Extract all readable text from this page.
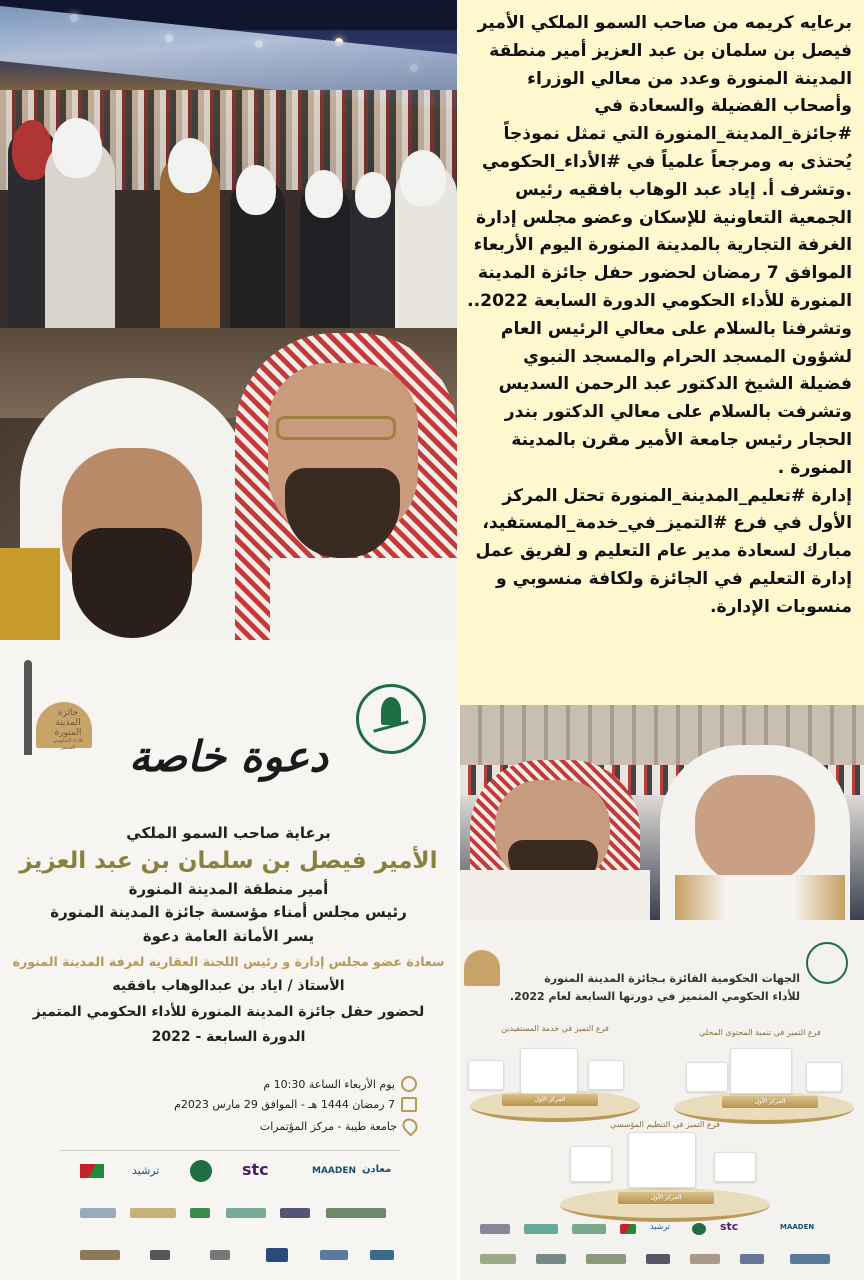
برعايه كريمه من صاحب السمو الملكي الأمير فيصل بن سلمان بن عبد العزيز أمير منطقة المدينة المنورة وعدد من معالي الوزراء وأصحاب الفضيلة والسعادة في #جائزة_المدينة_المنورة التي تمثل نموذجاً يُحتذى به ومرجعاً علمياً في #الأداء_الحكومي .وتشرف أ. إياد عبد الوهاب بافقيه رئيس الجمعية التعاونية للإسكان وعضو مجلس إدارة الغرفة التجارية بالمدينة المنورة اليوم الأربعاء الموافق 7 رمضان لحضور حفل جائزة المدينة المنورة للأداء الحكومي الدورة السابعة 2022..

وتشرفنا بالسلام على معالي الرئيس العام لشؤون المسجد الحرام والمسجد النبوي فضيلة الشيخ الدكتور عبد الرحمن السديس وتشرفت بالسلام على معالي الدكتور بندر الحجار رئيس جامعة الأمير مقرن بالمدينة المنورة .

إدارة #تعليم_المدينة_المنورة تحتل المركز الأول في فرع #التميز_في_خدمة_المستفيد، مبارك لسعادة مدير عام التعليم و لفريق عمل إدارة التعليم في الجائزة ولكافة منسوبي و منسوبات الإدارة.

جائزة
المدينة
المنورة
للأداء الحكومي المتميز	دعوة خاصة
برعاية صاحب السمو الملكي
الأمير فيصل بن سلمان بن عبد العزيز
أمير منطقة المدينة المنورة
رئيس مجلس أمناء مؤسسة جائزة المدينة المنورة
يسر الأمانة العامة دعوة
سعادة عضو مجلس إدارة و رئيس اللجنة العقارية لغرفة المدينة المنورة
الأستاذ / اياد بن عبدالوهاب بافقيه
لحضور حفل جائزة المدينة المنورة للأداء الحكومي المتميز
الدورة السابعة - 2022
يوم الأربعاء الساعة 10:30 م
7 رمضان 1444 هـ - الموافق 29 مارس 2023م
جامعة طيبة - مركز المؤتمرات
ترشيد	stc	MAADEN معادن
الجهات الحكومية الفائزة بـجائزة المدينة المنورة
للأداء الحكومي المتميز في دورتها السابعة لعام 2022.
فرع التميز في خدمة المستفيدين	فرع التميز في تنمية المحتوى المحلي
المركز الأول	المركز الأول
فرع التميز في التنظيم المؤسسي
المركز الأول
ترشيد	stc	MAADEN
